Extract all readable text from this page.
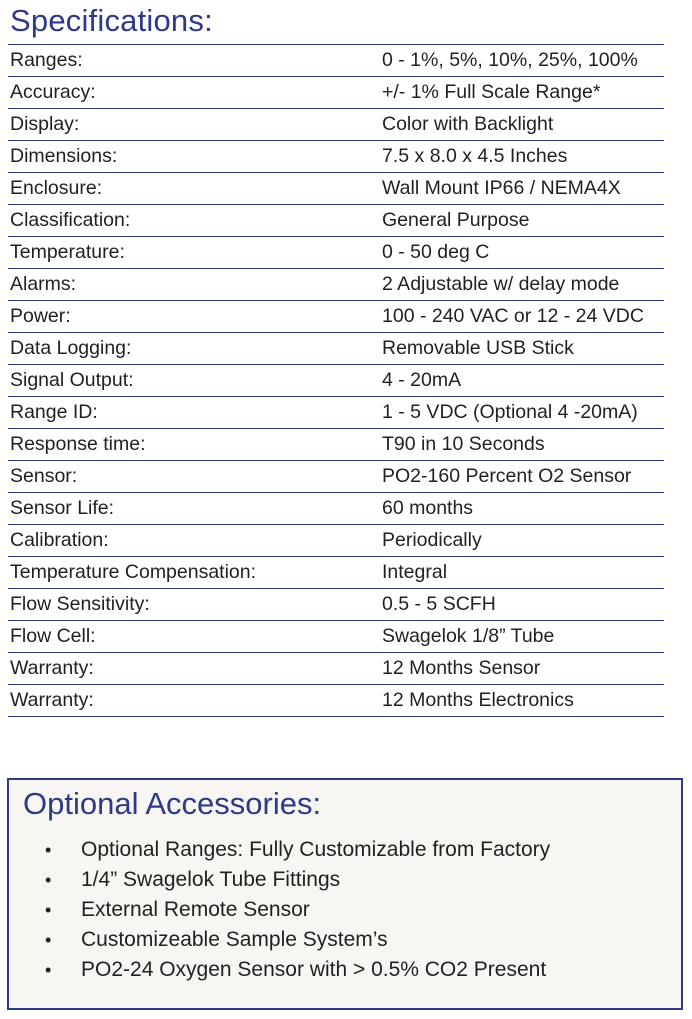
Specifications:
Ranges:	0 - 1%, 5%, 10%, 25%, 100%
Accuracy:	+/- 1% Full Scale Range*
Display:	Color with Backlight
Dimensions:	7.5 x 8.0 x 4.5 Inches
Enclosure:	Wall Mount IP66 / NEMA4X
Classification:	General Purpose
Temperature:	0 - 50 deg C
Alarms:	2 Adjustable w/ delay mode
Power:	100 - 240 VAC or 12 - 24 VDC
Data Logging:	Removable USB Stick
Signal Output:	4 - 20mA
Range ID:	1 - 5 VDC (Optional 4 -20mA)
Response time:	T90 in 10 Seconds
Sensor:	PO2-160 Percent O2 Sensor
Sensor Life:	60 months
Calibration:	Periodically
Temperature Compensation:	Integral
Flow Sensitivity:	0.5 - 5 SCFH
Flow Cell:	Swagelok 1/8” Tube
Warranty:	12 Months Sensor
Warranty:	12 Months Electronics
Optional Accessories:
• Optional Ranges: Fully Customizable from Factory
• 1/4” Swagelok Tube Fittings
• External Remote Sensor
• Customizeable Sample System’s
• PO2-24 Oxygen Sensor with > 0.5% CO2 Present
